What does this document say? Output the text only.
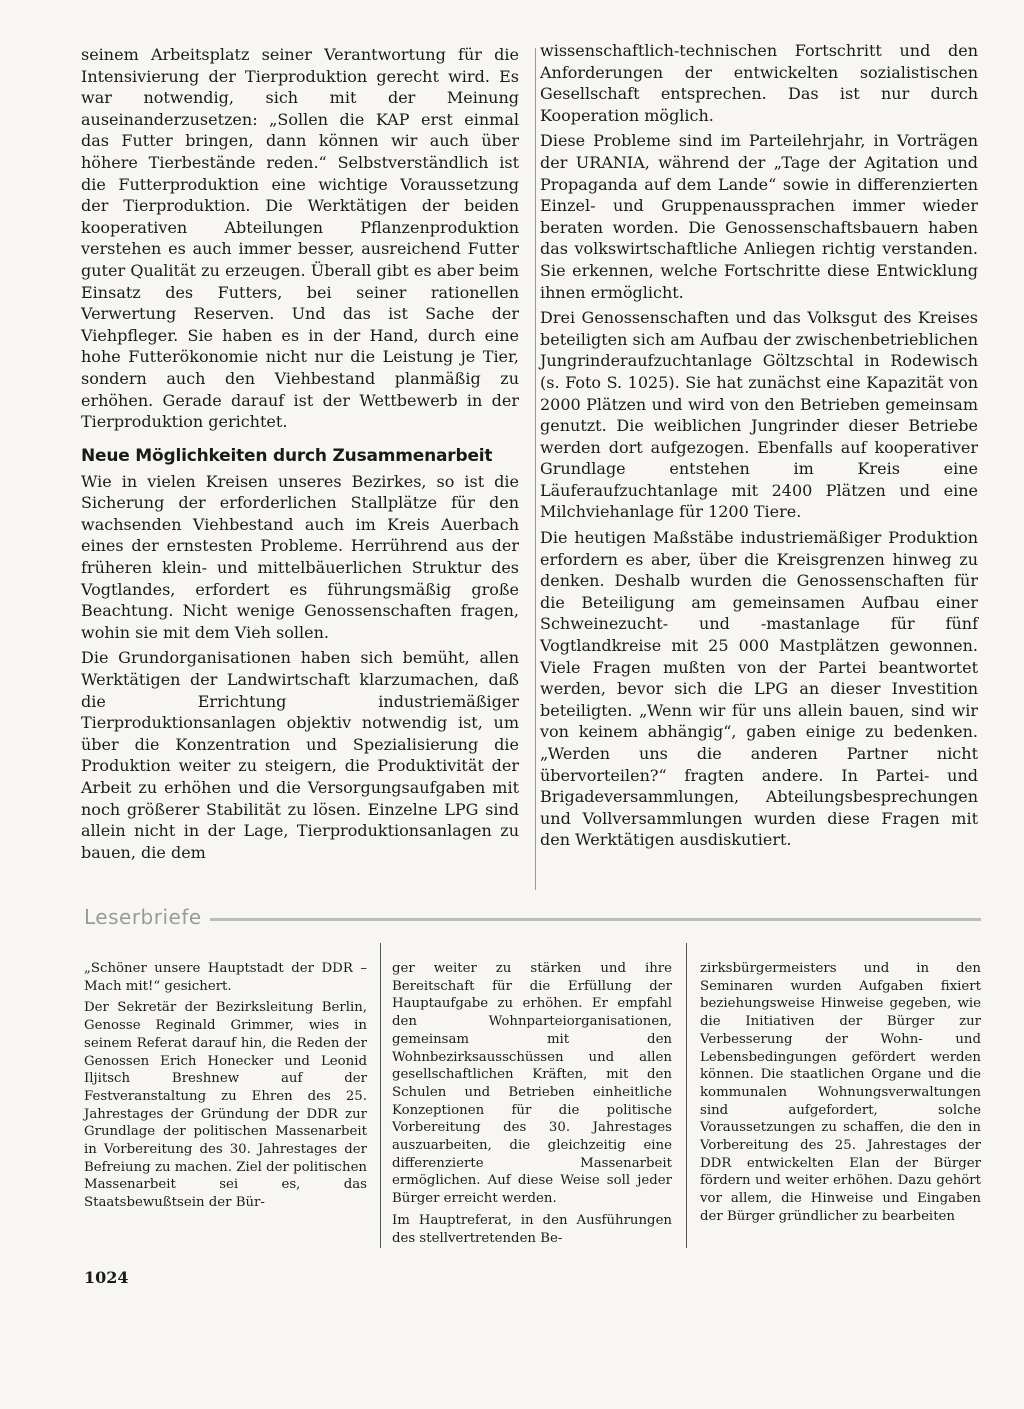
seinem Arbeitsplatz seiner Verantwortung für die Intensivierung der Tierproduktion gerecht wird. Es war notwendig, sich mit der Meinung auseinanderzusetzen: „Sollen die KAP erst einmal das Futter bringen, dann können wir auch über höhere Tierbestände reden.“ Selbstverständlich ist die Futterproduktion eine wichtige Voraussetzung der Tierproduktion. Die Werktätigen der beiden kooperativen Abteilungen Pflanzenproduktion verstehen es auch immer besser, ausreichend Futter guter Qualität zu erzeugen. Überall gibt es aber beim Einsatz des Futters, bei seiner rationellen Verwertung Reserven. Und das ist Sache der Viehpfleger. Sie haben es in der Hand, durch eine hohe Futterökonomie nicht nur die Leistung je Tier, sondern auch den Viehbestand planmäßig zu erhöhen. Gerade darauf ist der Wettbewerb in der Tierproduktion gerichtet.

Neue Möglichkeiten durch Zusammenarbeit

Wie in vielen Kreisen unseres Bezirkes, so ist die Sicherung der erforderlichen Stallplätze für den wachsenden Viehbestand auch im Kreis Auerbach eines der ernstesten Probleme. Herrührend aus der früheren klein- und mittelbäuerlichen Struktur des Vogtlandes, erfordert es führungsmäßig große Beachtung. Nicht wenige Genossenschaften fragen, wohin sie mit dem Vieh sollen.

Die Grundorganisationen haben sich bemüht, allen Werktätigen der Landwirtschaft klarzumachen, daß die Errichtung industriemäßiger Tierproduktionsanlagen objektiv notwendig ist, um über die Konzentration und Spezialisierung die Produktion weiter zu steigern, die Produktivität der Arbeit zu erhöhen und die Versorgungsaufgaben mit noch größerer Stabilität zu lösen. Einzelne LPG sind allein nicht in der Lage, Tierproduktionsanlagen zu bauen, die dem

wissenschaftlich-technischen Fortschritt und den Anforderungen der entwickelten sozialistischen Gesellschaft entsprechen. Das ist nur durch Kooperation möglich.

Diese Probleme sind im Parteilehrjahr, in Vorträgen der URANIA, während der „Tage der Agitation und Propaganda auf dem Lande“ sowie in differenzierten Einzel- und Gruppenaussprachen immer wieder beraten worden. Die Genossenschaftsbauern haben das volkswirtschaftliche Anliegen richtig verstanden. Sie erkennen, welche Fortschritte diese Entwicklung ihnen ermöglicht.

Drei Genossenschaften und das Volksgut des Kreises beteiligten sich am Aufbau der zwischenbetrieblichen Jungrinderaufzuchtanlage Göltzschtal in Rodewisch (s. Foto S. 1025). Sie hat zunächst eine Kapazität von 2000 Plätzen und wird von den Betrieben gemeinsam genutzt. Die weiblichen Jungrinder dieser Betriebe werden dort aufgezogen. Ebenfalls auf kooperativer Grundlage entstehen im Kreis eine Läuferaufzuchtanlage mit 2400 Plätzen und eine Milchviehanlage für 1200 Tiere.

Die heutigen Maßstäbe industriemäßiger Produktion erfordern es aber, über die Kreisgrenzen hinweg zu denken. Deshalb wurden die Genossenschaften für die Beteiligung am gemeinsamen Aufbau einer Schweinezucht- und -mastanlage für fünf Vogtlandkreise mit 25 000 Mastplätzen gewonnen. Viele Fragen mußten von der Partei beantwortet werden, bevor sich die LPG an dieser Investition beteiligten. „Wenn wir für uns allein bauen, sind wir von keinem abhängig“, gaben einige zu bedenken. „Werden uns die anderen Partner nicht übervorteilen?“ fragten andere. In Partei- und Brigadeversammlungen, Abteilungsbesprechungen und Vollversammlungen wurden diese Fragen mit den Werktätigen ausdiskutiert.

Leserbriefe

„Schöner unsere Hauptstadt der DDR – Mach mit!“ gesichert.

Der Sekretär der Bezirksleitung Berlin, Genosse Reginald Grimmer, wies in seinem Referat darauf hin, die Reden der Genossen Erich Honecker und Leonid Iljitsch Breshnew auf der Festveranstaltung zu Ehren des 25. Jahrestages der Gründung der DDR zur Grundlage der politischen Massenarbeit in Vorbereitung des 30. Jahrestages der Befreiung zu machen. Ziel der politischen Massenarbeit sei es, das Staatsbewußtsein der Bür-

ger weiter zu stärken und ihre Bereitschaft für die Erfüllung der Hauptaufgabe zu erhöhen. Er empfahl den Wohnparteiorganisationen, gemeinsam mit den Wohnbezirksausschüssen und allen gesellschaftlichen Kräften, mit den Schulen und Betrieben einheitliche Konzeptionen für die politische Vorbereitung des 30. Jahrestages auszuarbeiten, die gleichzeitig eine differenzierte Massenarbeit ermöglichen. Auf diese Weise soll jeder Bürger erreicht werden.

Im Hauptreferat, in den Ausführungen des stellvertretenden Be-

zirksbürgermeisters und in den Seminaren wurden Aufgaben fixiert beziehungsweise Hinweise gegeben, wie die Initiativen der Bürger zur Verbesserung der Wohn- und Lebensbedingungen gefördert werden können. Die staatlichen Organe und die kommunalen Wohnungsverwaltungen sind aufgefordert, solche Voraussetzungen zu schaffen, die den in Vorbereitung des 25. Jahrestages der DDR entwickelten Elan der Bürger fördern und weiter erhöhen. Dazu gehört vor allem, die Hinweise und Eingaben der Bürger gründlicher zu bearbeiten

1024
